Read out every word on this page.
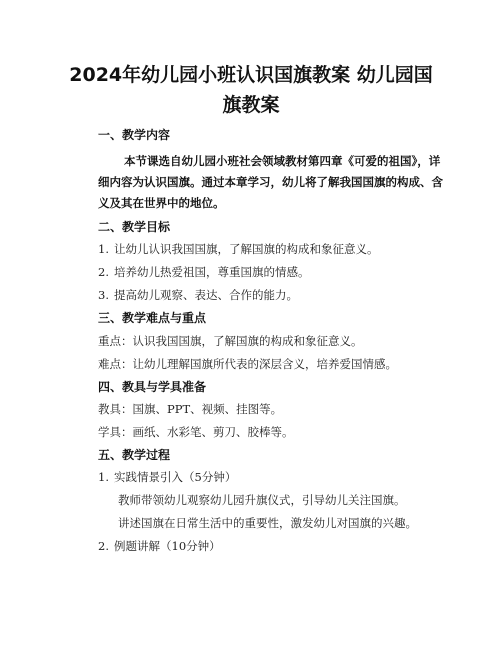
2024年幼儿园小班认识国旗教案 幼儿园国
旗教案
一、教学内容
本节课选自幼儿园小班社会领域教材第四章《可爱的祖国》，详
细内容为认识国旗。通过本章学习，幼儿将了解我国国旗的构成、含
义及其在世界中的地位。
二、教学目标
1. 让幼儿认识我国国旗，了解国旗的构成和象征意义。
2. 培养幼儿热爱祖国，尊重国旗的情感。
3. 提高幼儿观察、表达、合作的能力。
三、教学难点与重点
重点：认识我国国旗，了解国旗的构成和象征意义。
难点：让幼儿理解国旗所代表的深层含义，培养爱国情感。
四、教具与学具准备
教具：国旗、PPT、视频、挂图等。
学具：画纸、水彩笔、剪刀、胶棒等。
五、教学过程
1. 实践情景引入（5分钟）
教师带领幼儿观察幼儿园升旗仪式，引导幼儿关注国旗。
讲述国旗在日常生活中的重要性，激发幼儿对国旗的兴趣。
2. 例题讲解（10分钟）
